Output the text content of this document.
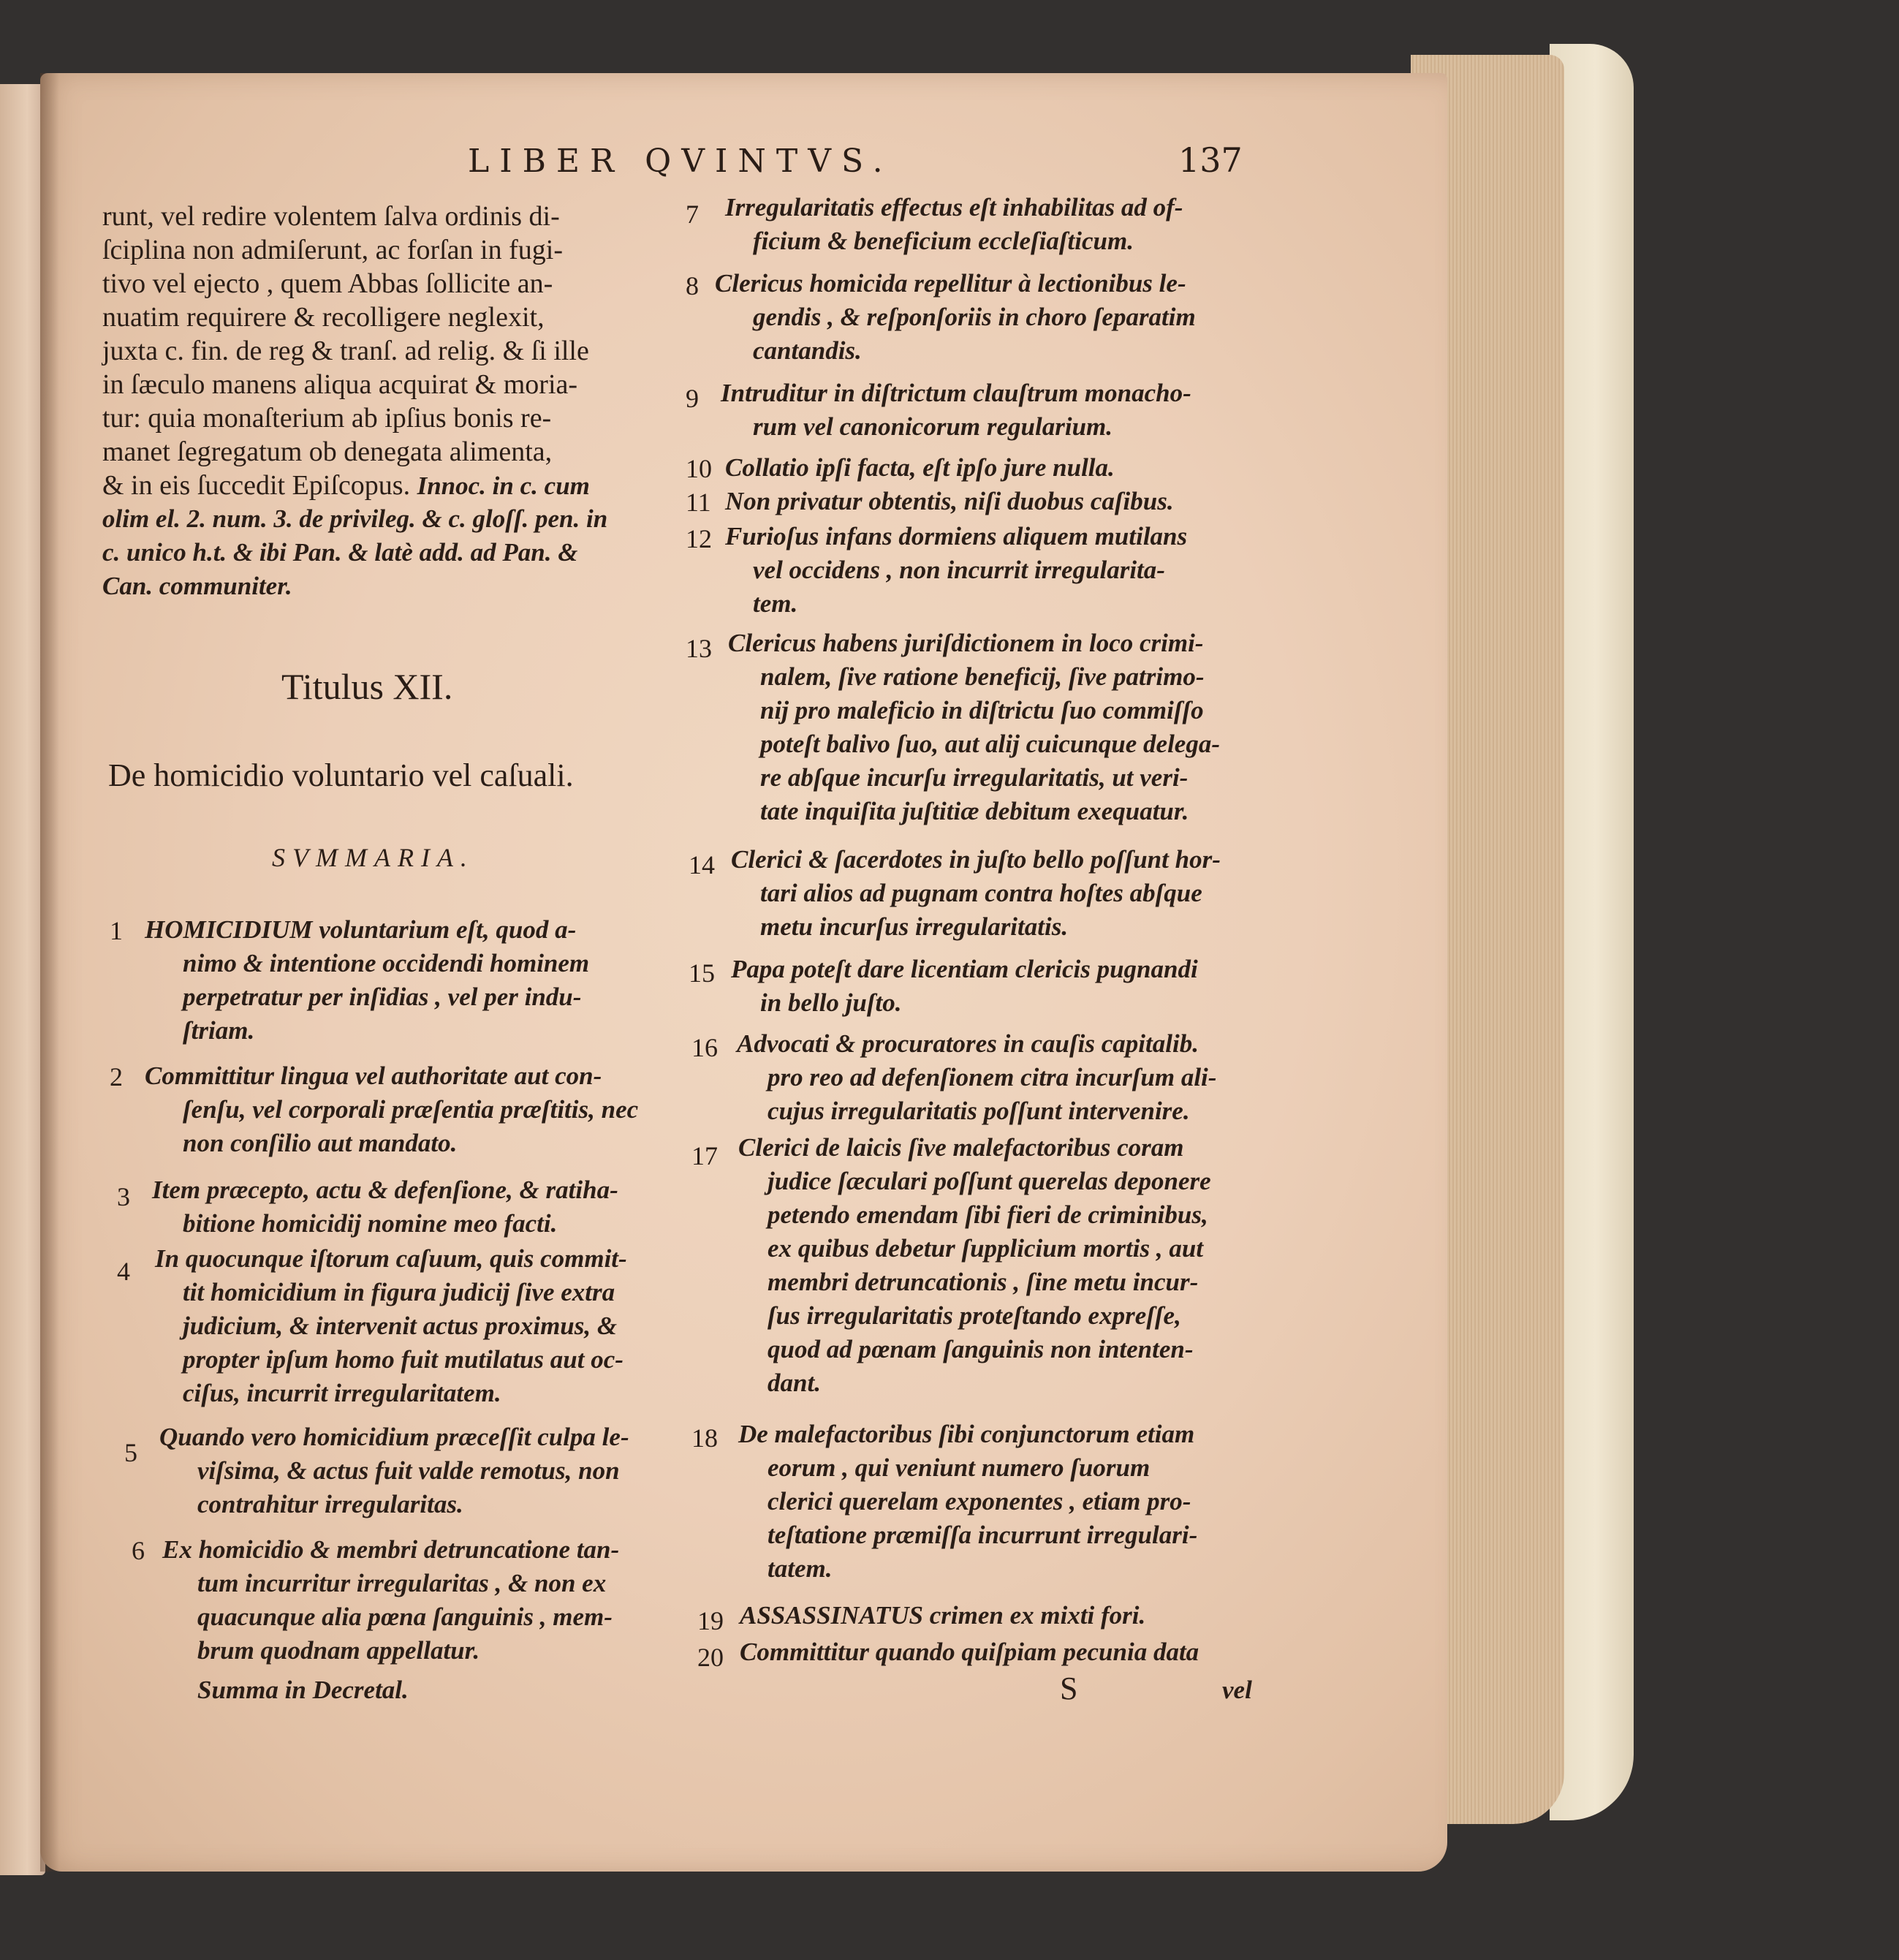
LIBER QVINTVS.	137
runt, vel redire volentem ſalva ordinis di-
ſciplina non admiſerunt, ac forſan in fugi-
tivo vel ejecto , quem Abbas ſollicite an-
nuatim requirere & recolligere neglexit,
juxta c. fin. de reg & tranſ. ad relig. & ſi ille
in ſæculo manens aliqua acquirat & moria-
tur: quia monaſterium ab ipſius bonis re-
manet ſegregatum ob denegata alimenta,
& in eis ſuccedit Epiſcopus. Innoc. in c. cum
olim el. 2. num. 3. de privileg. & c. gloſſ. pen. in
c. unico h.t. & ibi Pan. & latè add. ad Pan. &
Can. communiter.
Titulus XII.
De homicidio voluntario vel caſuali.
SVMMARIA.
1 HOMICIDIUM voluntarium eſt, quod a-
nimo & intentione occidendi hominem
perpetratur per inſidias , vel per indu-
ſtriam.
2 Committitur lingua vel authoritate aut con-
ſenſu, vel corporali præſentia præſtitis, nec
non conſilio aut mandato.
3 Item præcepto, actu & defenſione, & ratiha-
bitione homicidij nomine meo facti.
4 In quocunque iſtorum caſuum, quis commit-
tit homicidium in figura judicij ſive extra
judicium, & intervenit actus proximus, &
propter ipſum homo fuit mutilatus aut oc-
ciſus, incurrit irregularitatem.
5
Quando vero homicidium præceſſit culpa le-
viſsima, & actus fuit valde remotus, non
contrahitur irregularitas.
6 Ex homicidio & membri detruncatione tan-
tum incurritur irregularitas , & non ex
quacunque alia pœna ſanguinis , mem-
brum quodnam appellatur.
Summa in Decretal.
7 Irregularitatis effectus eſt inhabilitas ad of-
ficium & beneficium eccleſiaſticum.
8 Clericus homicida repellitur à lectionibus le-
gendis , & reſponſoriis in choro ſeparatim
cantandis.
9 Intruditur in diſtrictum clauſtrum monacho-
rum vel canonicorum regularium.
10 Collatio ipſi facta, eſt ipſo jure nulla.
11 Non privatur obtentis, niſi duobus caſibus.
12 Furioſus infans dormiens aliquem mutilans
vel occidens , non incurrit irregularita-
tem.
13 Clericus habens juriſdictionem in loco crimi-
nalem, ſive ratione beneficij, ſive patrimo-
nij pro maleficio in diſtrictu ſuo commiſſo
poteſt balivo ſuo, aut alij cuicunque delega-
re abſque incurſu irregularitatis, ut veri-
tate inquiſita juſtitiæ debitum exequatur.
14 Clerici & ſacerdotes in juſto bello poſſunt hor-
tari alios ad pugnam contra hoſtes abſque
metu incurſus irregularitatis.
15 Papa poteſt dare licentiam clericis pugnandi
in bello juſto.
16 Advocati & procuratores in cauſis capitalib.
pro reo ad defenſionem citra incurſum ali-
cujus irregularitatis poſſunt intervenire.
17 Clerici de laicis ſive malefactoribus coram
judice ſæculari poſſunt querelas deponere
petendo emendam ſibi fieri de criminibus,
ex quibus debetur ſupplicium mortis , aut
membri detruncationis , ſine metu incur-
ſus irregularitatis proteſtando expreſſe,
quod ad pœnam ſanguinis non intenten-
dant.
18 De malefactoribus ſibi conjunctorum etiam
eorum , qui veniunt numero ſuorum
clerici querelam exponentes , etiam pro-
teſtatione præmiſſa incurrunt irregulari-
tatem.
19 ASSASSINATUS crimen ex mixti fori.
20 Committitur quando quiſpiam pecunia data
S	vel
